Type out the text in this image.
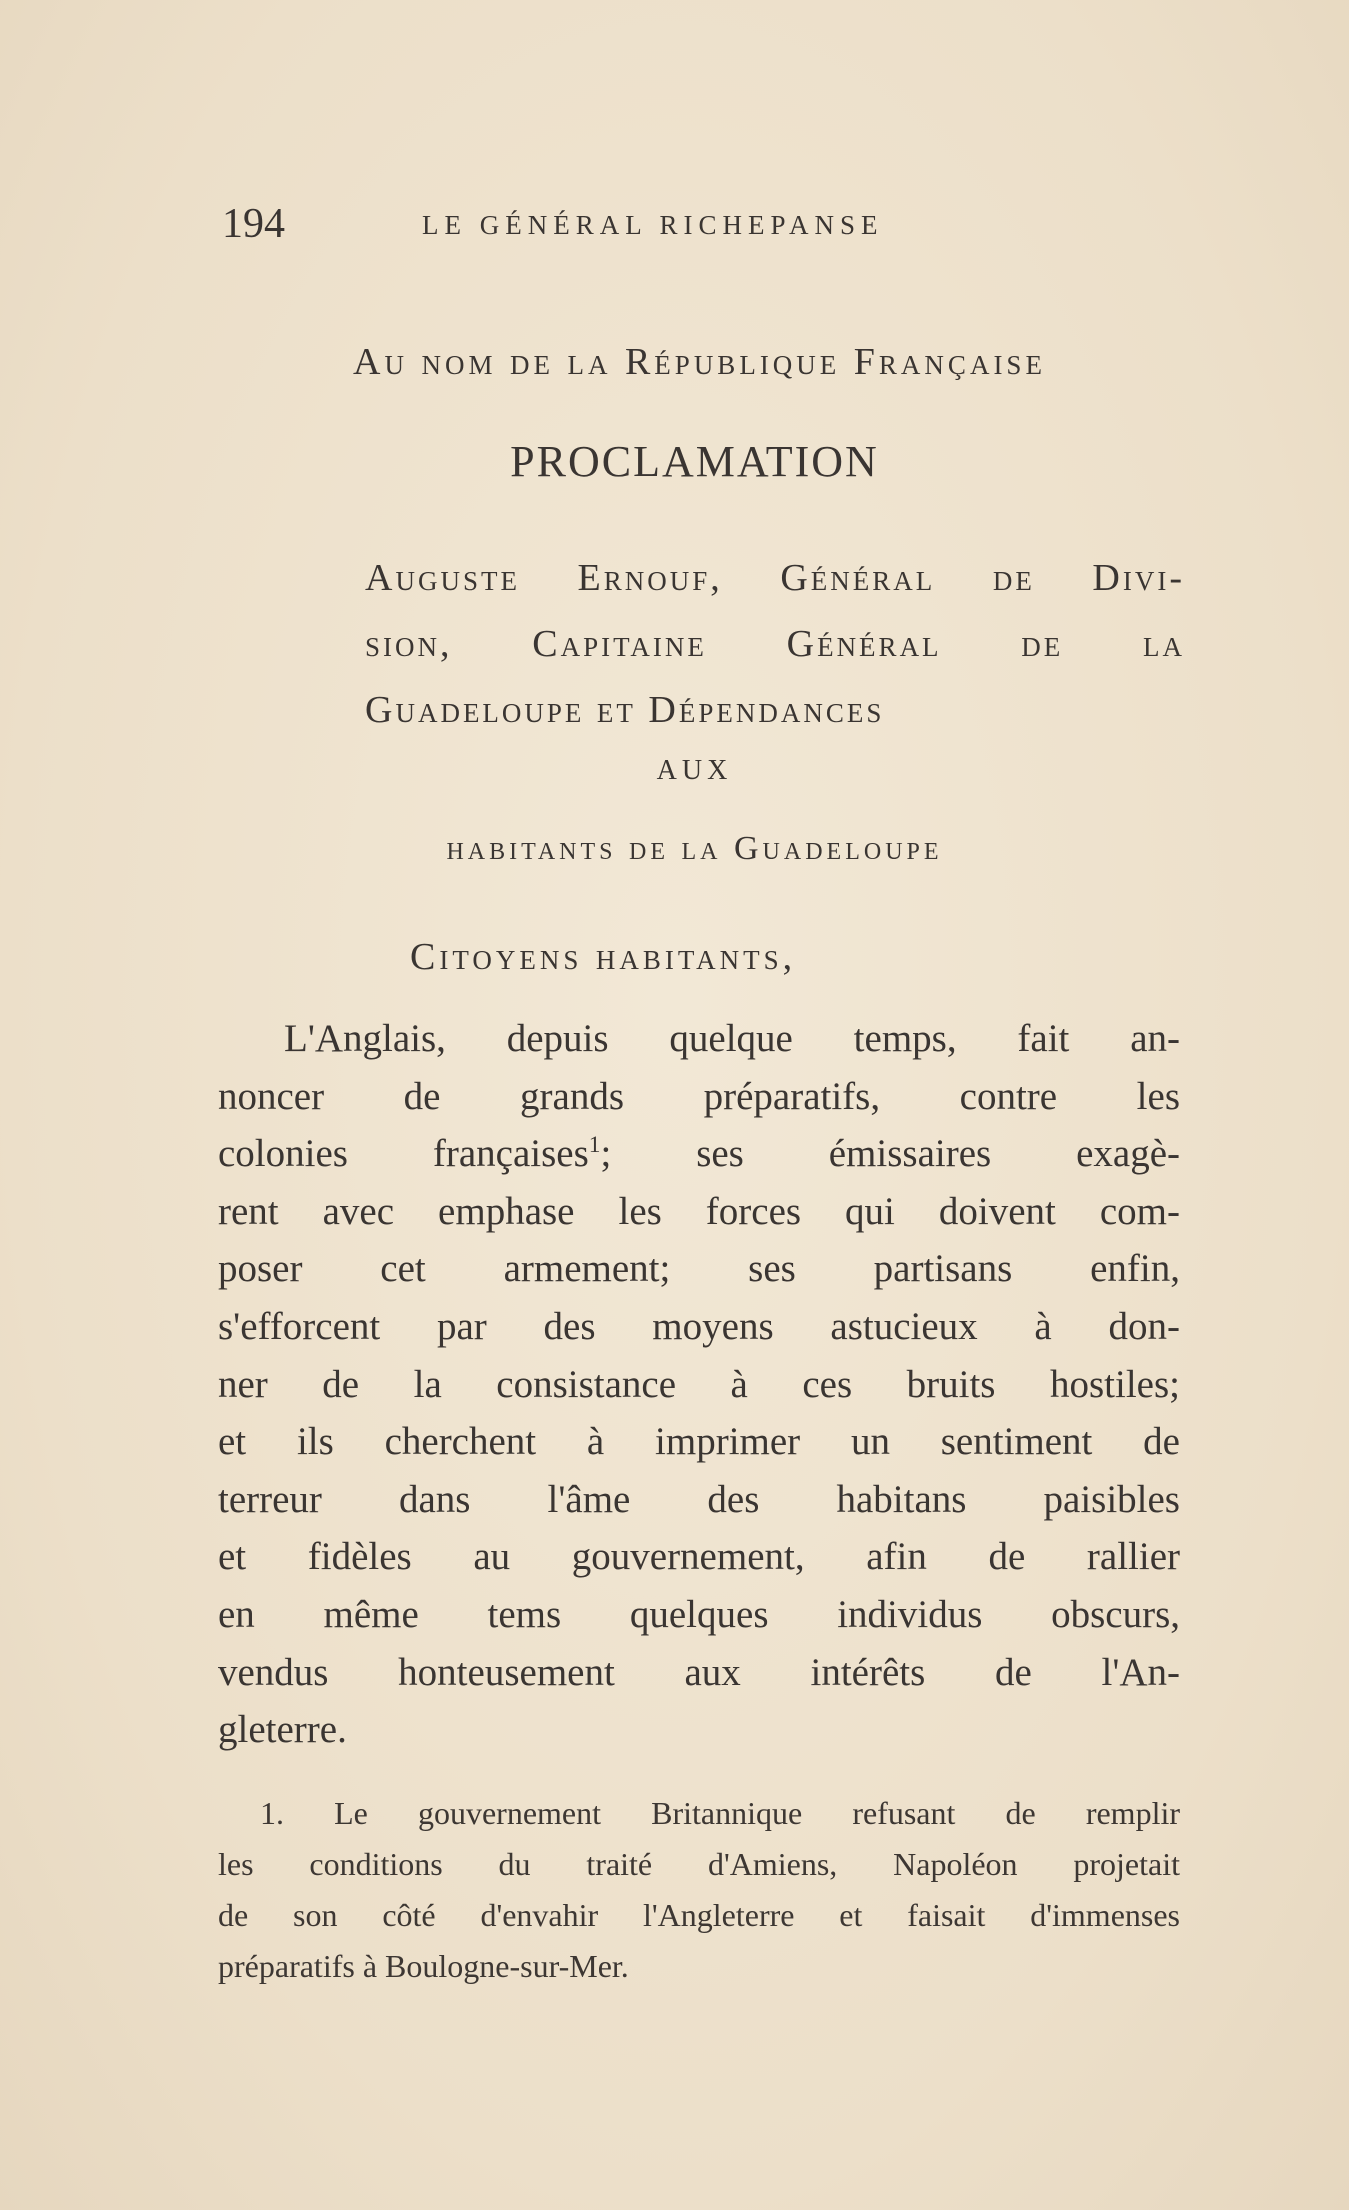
194	LE GÉNÉRAL RICHEPANSE
Au nom de la République Française
PROCLAMATION
Auguste Ernouf, Général de Divi-
sion, Capitaine Général de la
Guadeloupe et Dépendances
AUX
habitants de la Guadeloupe
Citoyens habitants,
L'Anglais, depuis quelque temps, fait an-
noncer de grands préparatifs, contre les
colonies françaises$^1$; ses émissaires exagè-
rent avec emphase les forces qui doivent com-
poser cet armement; ses partisans enfin,
s'efforcent par des moyens astucieux à don-
ner de la consistance à ces bruits hostiles;
et ils cherchent à imprimer un sentiment de
terreur dans l'âme des habitans paisibles
et fidèles au gouvernement, afin de rallier
en même tems quelques individus obscurs,
vendus honteusement aux intérêts de l'An-
gleterre.
1. Le gouvernement Britannique refusant de remplir
les conditions du traité d'Amiens, Napoléon projetait
de son côté d'envahir l'Angleterre et faisait d'immenses
préparatifs à Boulogne-sur-Mer.
